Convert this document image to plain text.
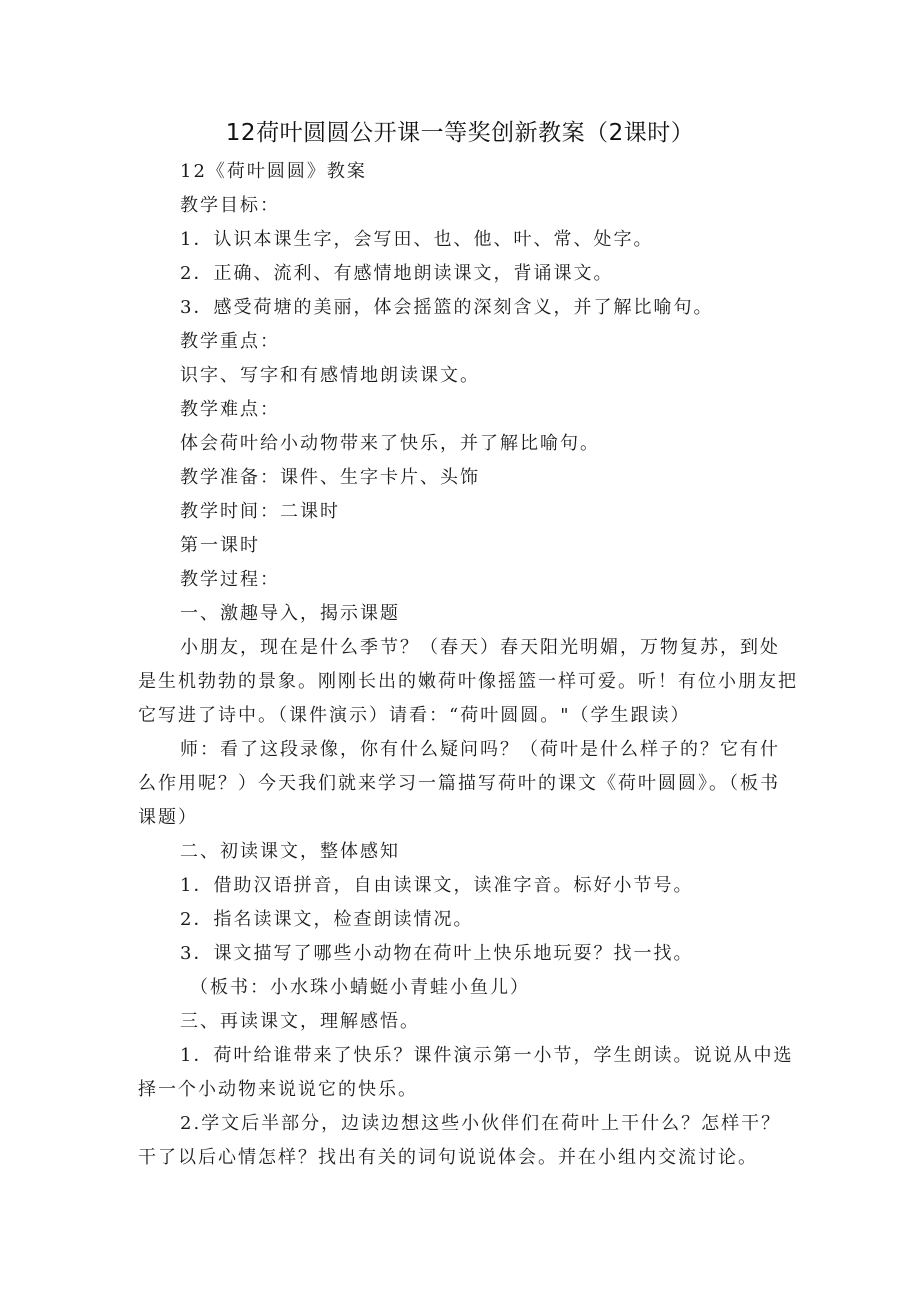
12荷叶圆圆公开课一等奖创新教案（2课时）
12《荷叶圆圆》教案
教学目标：
1．认识本课生字，会写田、也、他、叶、常、处字。
2．正确、流利、有感情地朗读课文，背诵课文。
3．感受荷塘的美丽，体会摇篮的深刻含义，并了解比喻句。
教学重点：
识字、写字和有感情地朗读课文。
教学难点：
体会荷叶给小动物带来了快乐，并了解比喻句。
教学准备：课件、生字卡片、头饰
教学时间：二课时
第一课时
教学过程：
一、激趣导入，揭示课题
小朋友，现在是什么季节？（春天）春天阳光明媚，万物复苏，到处
是生机勃勃的景象。刚刚长出的嫩荷叶像摇篮一样可爱。听！有位小朋友把
它写进了诗中。（课件演示）请看：“荷叶圆圆。"（学生跟读）
师：看了这段录像，你有什么疑问吗？（荷叶是什么样子的？它有什
么作用呢？）今天我们就来学习一篇描写荷叶的课文《荷叶圆圆》。（板书
课题）
二、初读课文，整体感知
1．借助汉语拼音，自由读课文，读准字音。标好小节号。
2．指名读课文，检查朗读情况。
3．课文描写了哪些小动物在荷叶上快乐地玩耍？找一找。
（板书：小水珠小蜻蜓小青蛙小鱼儿）
三、再读课文，理解感悟。
1．荷叶给谁带来了快乐？课件演示第一小节，学生朗读。说说从中选
择一个小动物来说说它的快乐。
2.学文后半部分，边读边想这些小伙伴们在荷叶上干什么？怎样干？
干了以后心情怎样？找出有关的词句说说体会。并在小组内交流讨论。
